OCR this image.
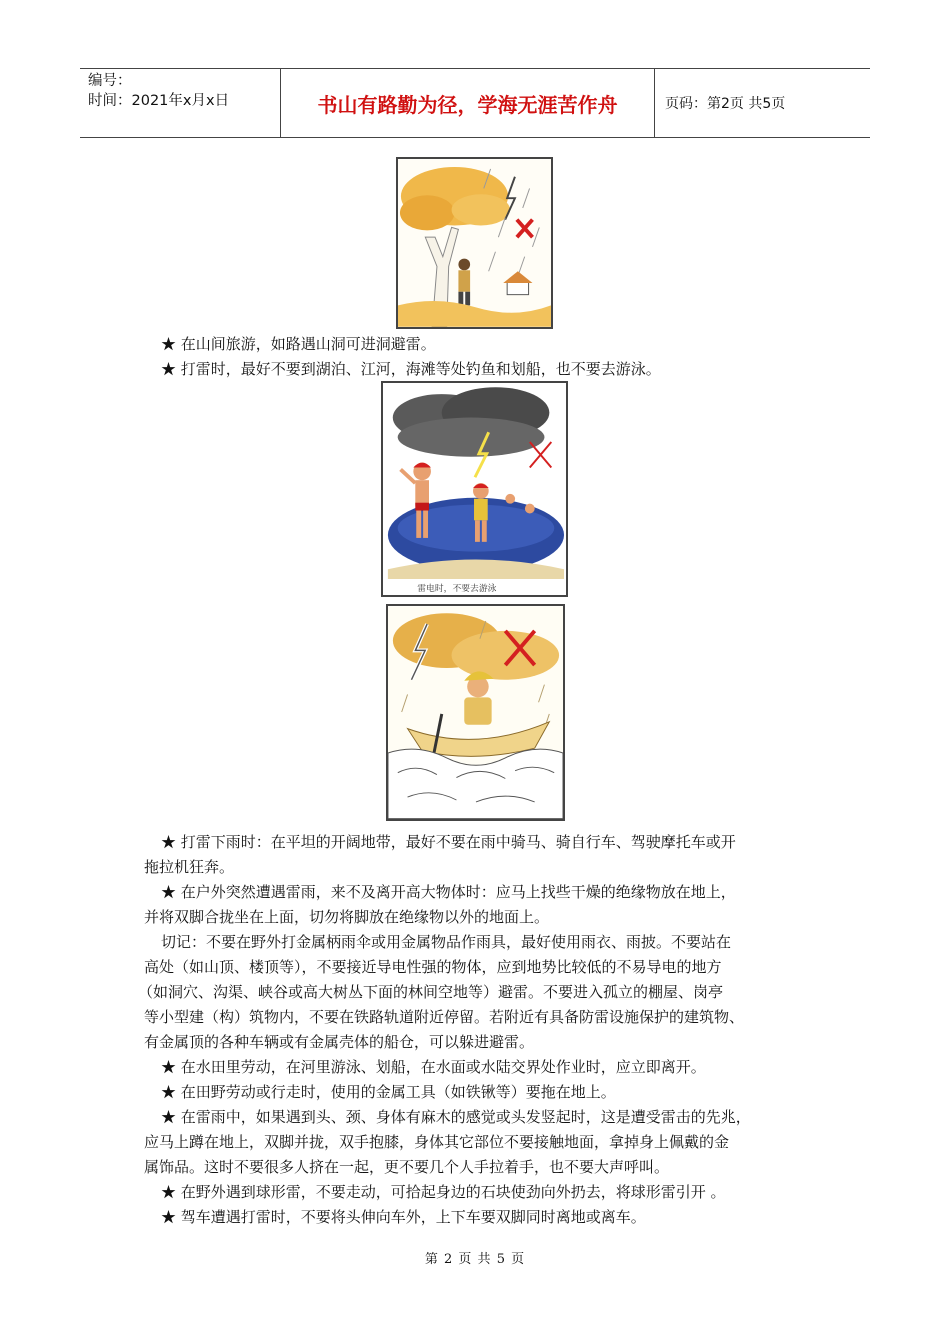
编号：
时间：2021年x月x日	书山有路勤为径，学海无涯苦作舟	页码：第2页 共5页
★ 在山间旅游，如路遇山洞可进洞避雷。
★ 打雷时，最好不要到湖泊、江河，海滩等处钓鱼和划船，也不要去游泳。
雷电时，不要去游泳
★ 打雷下雨时：在平坦的开阔地带，最好不要在雨中骑马、骑自行车、驾驶摩托车或开
拖拉机狂奔。
★ 在户外突然遭遇雷雨，来不及离开高大物体时：应马上找些干燥的绝缘物放在地上，
并将双脚合拢坐在上面，切勿将脚放在绝缘物以外的地面上。
切记：不要在野外打金属柄雨伞或用金属物品作雨具，最好使用雨衣、雨披。不要站在
高处（如山顶、楼顶等），不要接近导电性强的物体，应到地势比较低的不易导电的地方
（如洞穴、沟渠、峡谷或高大树丛下面的林间空地等）避雷。不要进入孤立的棚屋、岗亭
等小型建（构）筑物内，不要在铁路轨道附近停留。若附近有具备防雷设施保护的建筑物、
有金属顶的各种车辆或有金属壳体的船仓，可以躲进避雷。
★ 在水田里劳动，在河里游泳、划船，在水面或水陆交界处作业时，应立即离开。
★ 在田野劳动或行走时，使用的金属工具（如铁锹等）要拖在地上。
★ 在雷雨中，如果遇到头、颈、身体有麻木的感觉或头发竖起时，这是遭受雷击的先兆，
应马上蹲在地上，双脚并拢，双手抱膝，身体其它部位不要接触地面，拿掉身上佩戴的金
属饰品。这时不要很多人挤在一起，更不要几个人手拉着手，也不要大声呼叫。
★ 在野外遇到球形雷，不要走动，可拾起身边的石块使劲向外扔去，将球形雷引开 。
★ 驾车遭遇打雷时，不要将头伸向车外，上下车要双脚同时离地或离车。
第 2 页 共 5 页
